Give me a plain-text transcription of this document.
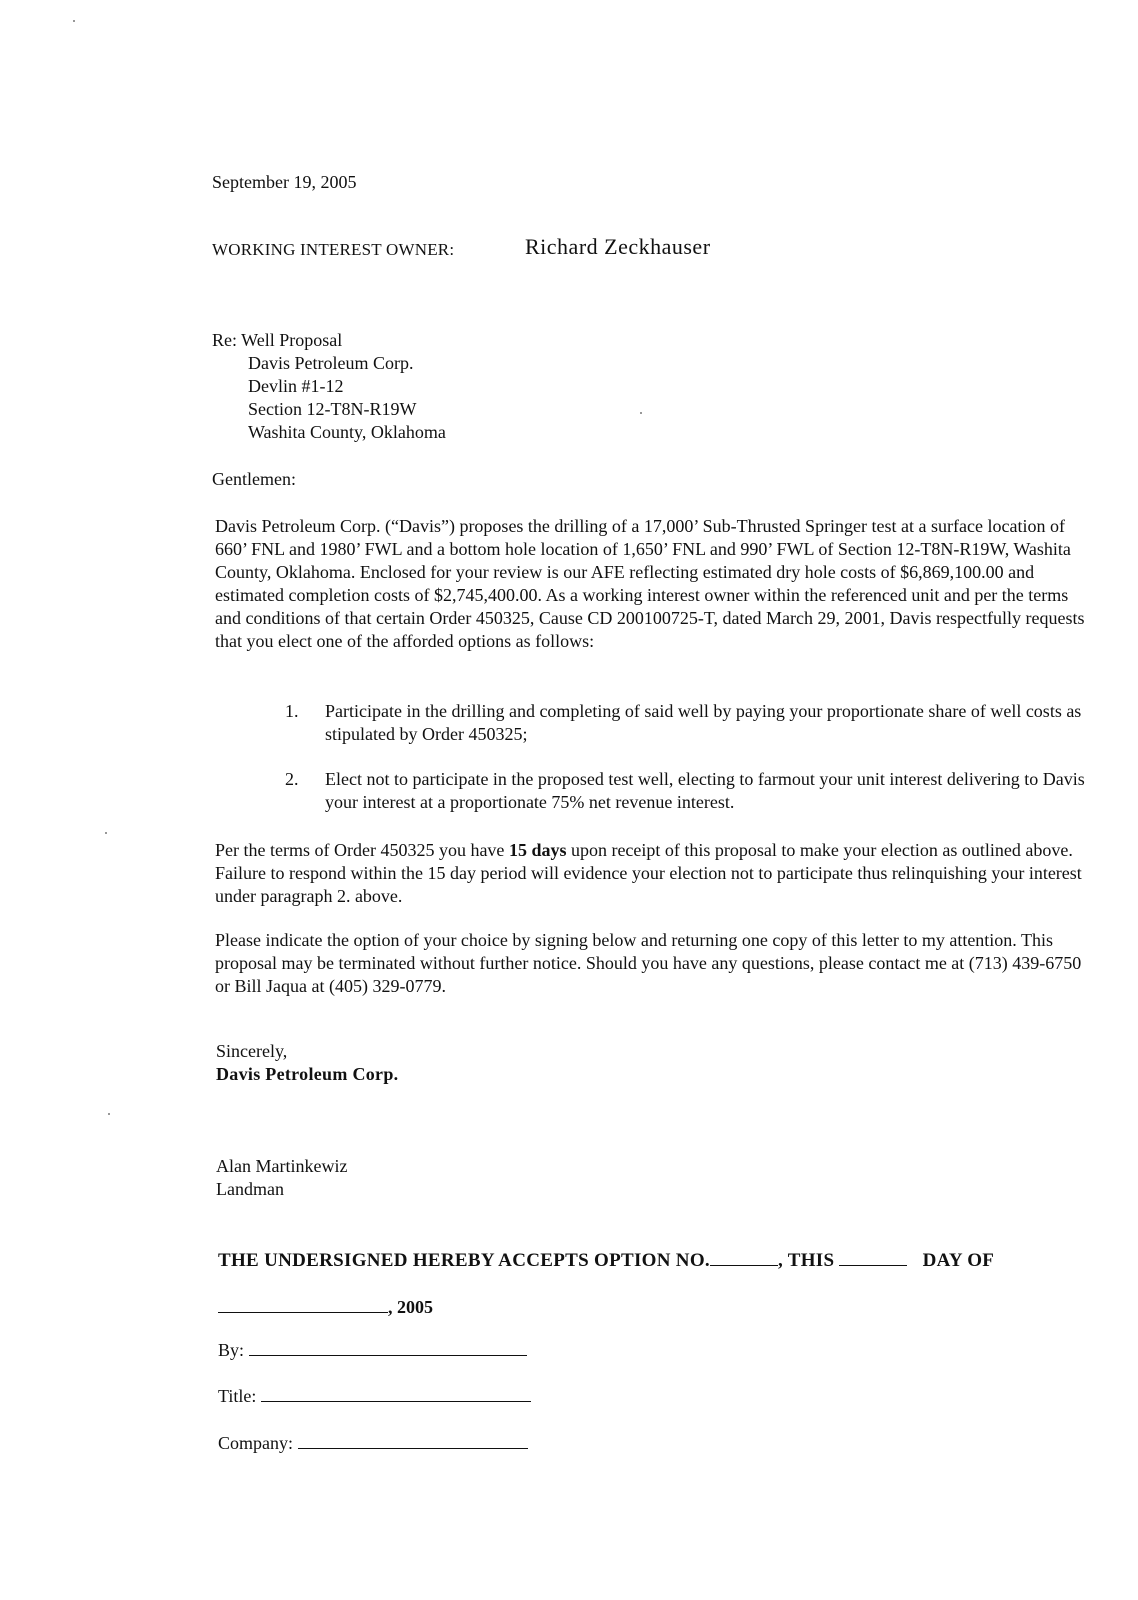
September 19, 2005
WORKING INTEREST OWNER:	Richard Zeckhauser
Re: Well Proposal
Davis Petroleum Corp.
Devlin #1-12
Section 12-T8N-R19W
Washita County, Oklahoma
Gentlemen:
Davis Petroleum Corp. (“Davis”) proposes the drilling of a 17,000’ Sub-Thrusted Springer test at a surface location of 660’ FNL and 1980’ FWL and a bottom hole location of 1,650’ FNL and 990’ FWL of Section 12-T8N-R19W, Washita County, Oklahoma. Enclosed for your review is our AFE reflecting estimated dry hole costs of $6,869,100.00 and estimated completion costs of $2,745,400.00. As a working interest owner within the referenced unit and per the terms and conditions of that certain Order 450325, Cause CD 200100725-T, dated March 29, 2001, Davis respectfully requests that you elect one of the afforded options as follows:
1.	Participate in the drilling and completing of said well by paying your proportionate share of well costs as stipulated by Order 450325;
2.	Elect not to participate in the proposed test well, electing to farmout your unit interest delivering to Davis your interest at a proportionate 75% net revenue interest.
Per the terms of Order 450325 you have 15 days upon receipt of this proposal to make your election as outlined above. Failure to respond within the 15 day period will evidence your election not to participate thus relinquishing your interest under paragraph 2. above.
Please indicate the option of your choice by signing below and returning one copy of this letter to my attention. This proposal may be terminated without further notice. Should you have any questions, please contact me at (713) 439-6750 or Bill Jaqua at (405) 329-0779.
Sincerely,
Davis Petroleum Corp.
Alan Martinkewiz
Landman
THE UNDERSIGNED HEREBY ACCEPTS OPTION NO.	, THIS	DAY OF
, 2005
By:
Title:
Company:
